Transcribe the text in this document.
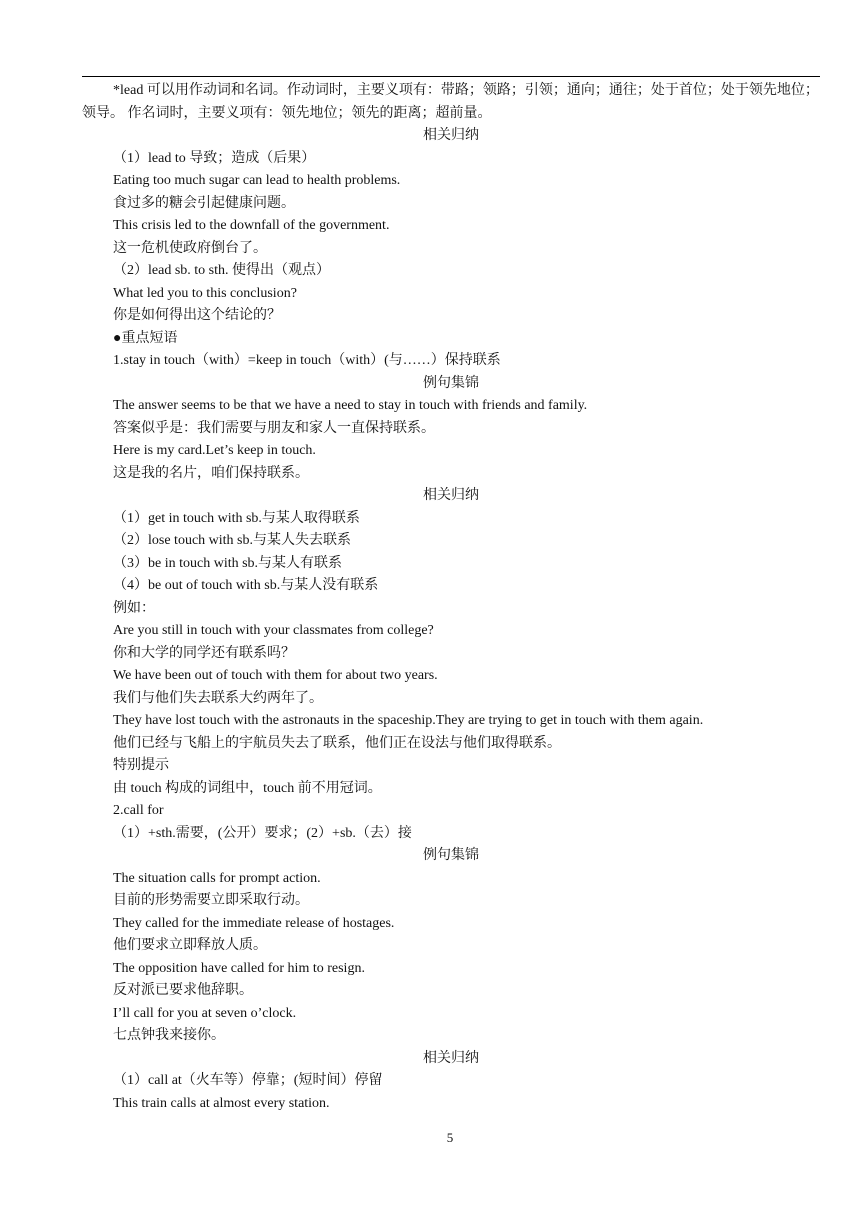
*lead 可以用作动词和名词。作动词时，主要义项有：带路；领路；引领；通向；通往；处于首位；处于领先地位；领导。 作名词时，主要义项有：领先地位；领先的距离；超前量。
相关归纳
（1）lead to 导致；造成（后果）
Eating too much sugar can lead to health problems.
食过多的糖会引起健康问题。
This crisis led to the downfall of the government.
这一危机使政府倒台了。
（2）lead sb. to sth. 使得出（观点）
What led you to this conclusion?
你是如何得出这个结论的？
●重点短语
1.stay in touch（with）=keep in touch（with）(与……）保持联系
例句集锦
The answer seems to be that we have a need to stay in touch with friends and family.
答案似乎是：我们需要与朋友和家人一直保持联系。
Here is my card.Let’s keep in touch.
这是我的名片，咱们保持联系。
相关归纳
（1）get in touch with sb.与某人取得联系
（2）lose touch with sb.与某人失去联系
（3）be in touch with sb.与某人有联系
（4）be out of touch with sb.与某人没有联系
例如：
Are you still in touch with your classmates from college?
你和大学的同学还有联系吗？
We have been out of touch with them for about two years.
我们与他们失去联系大约两年了。
They have lost touch with the astronauts in the spaceship.They are trying to get in touch with them again.
他们已经与飞船上的宇航员失去了联系，他们正在设法与他们取得联系。
特别提示
由 touch 构成的词组中，touch 前不用冠词。
2.call for
（1）+sth.需要，(公开）要求；(2）+sb.（去）接
例句集锦
The situation calls for prompt action.
目前的形势需要立即采取行动。
They called for the immediate release of hostages.
他们要求立即释放人质。
The opposition have called for him to resign.
反对派已要求他辞职。
I’ll call for you at seven o’clock.
七点钟我来接你。
相关归纳
（1）call at（火车等）停靠；(短时间）停留
This train calls at almost every station.
5
